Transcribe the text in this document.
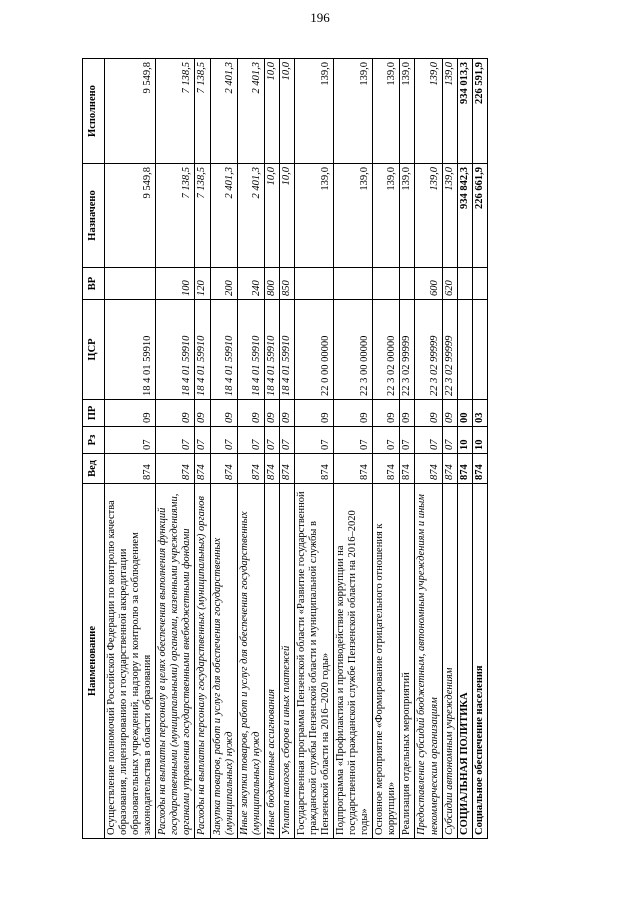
196
Наименование	Вед	Рз	ПР	ЦСР	ВР	Назначено	Исполнено
Осуществление полномочий Российской Федерации по контролю качества образования, лицензированию и государственной аккредитации образовательных учреждений, надзору и контролю за соблюдением законодательства в области образования	874	07	09	18 4 01 59910		9 549,8	9 549,8
Расходы на выплаты персоналу в целях обеспечения выполнения функций государственными (муниципальными) органами, казенными учреждениями, органами управления государственными внебюджетными фондами	874	07	09	18 4 01 59910	100	7 138,5	7 138,5
Расходы на выплаты персоналу государственных (муниципальных) органов	874	07	09	18 4 01 59910	120	7 138,5	7 138,5
Закупка товаров, работ и услуг для обеспечения государственных (муниципальных) нужд	874	07	09	18 4 01 59910	200	2 401,3	2 401,3
Иные закупки товаров, работ и услуг для обеспечения государственных (муниципальных) нужд	874	07	09	18 4 01 59910	240	2 401,3	2 401,3
Иные бюджетные ассигнования	874	07	09	18 4 01 59910	800	10,0	10,0
Уплата налогов, сборов и иных платежей	874	07	09	18 4 01 59910	850	10,0	10,0
Государственная программа Пензенской области «Развитие государственной гражданской службы Пензенской области и муниципальной службы в Пензенской области на 2016–2020 годы»	874	07	09	22 0 00 00000		139,0	139,0
Подпрограмма «Профилактика и противодействие коррупции на государственной гражданской службе Пензенской области на 2016–2020 годы»	874	07	09	22 3 00 00000		139,0	139,0
Основное мероприятие «Формирование отрицательного отношения к коррупции»	874	07	09	22 3 02 00000		139,0	139,0
Реализация отдельных мероприятий	874	07	09	22 3 02 99999		139,0	139,0
Предоставление субсидий бюджетным, автономным учреждениям и иным некоммерческим организациям	874	07	09	22 3 02 99999	600	139,0	139,0
Субсидии автономным учреждениям	874	07	09	22 3 02 99999	620	139,0	139,0
СОЦИАЛЬНАЯ ПОЛИТИКА	874	10	00			934 842,3	934 013,3
Социальное обеспечение населения	874	10	03			226 661,9	226 591,9
